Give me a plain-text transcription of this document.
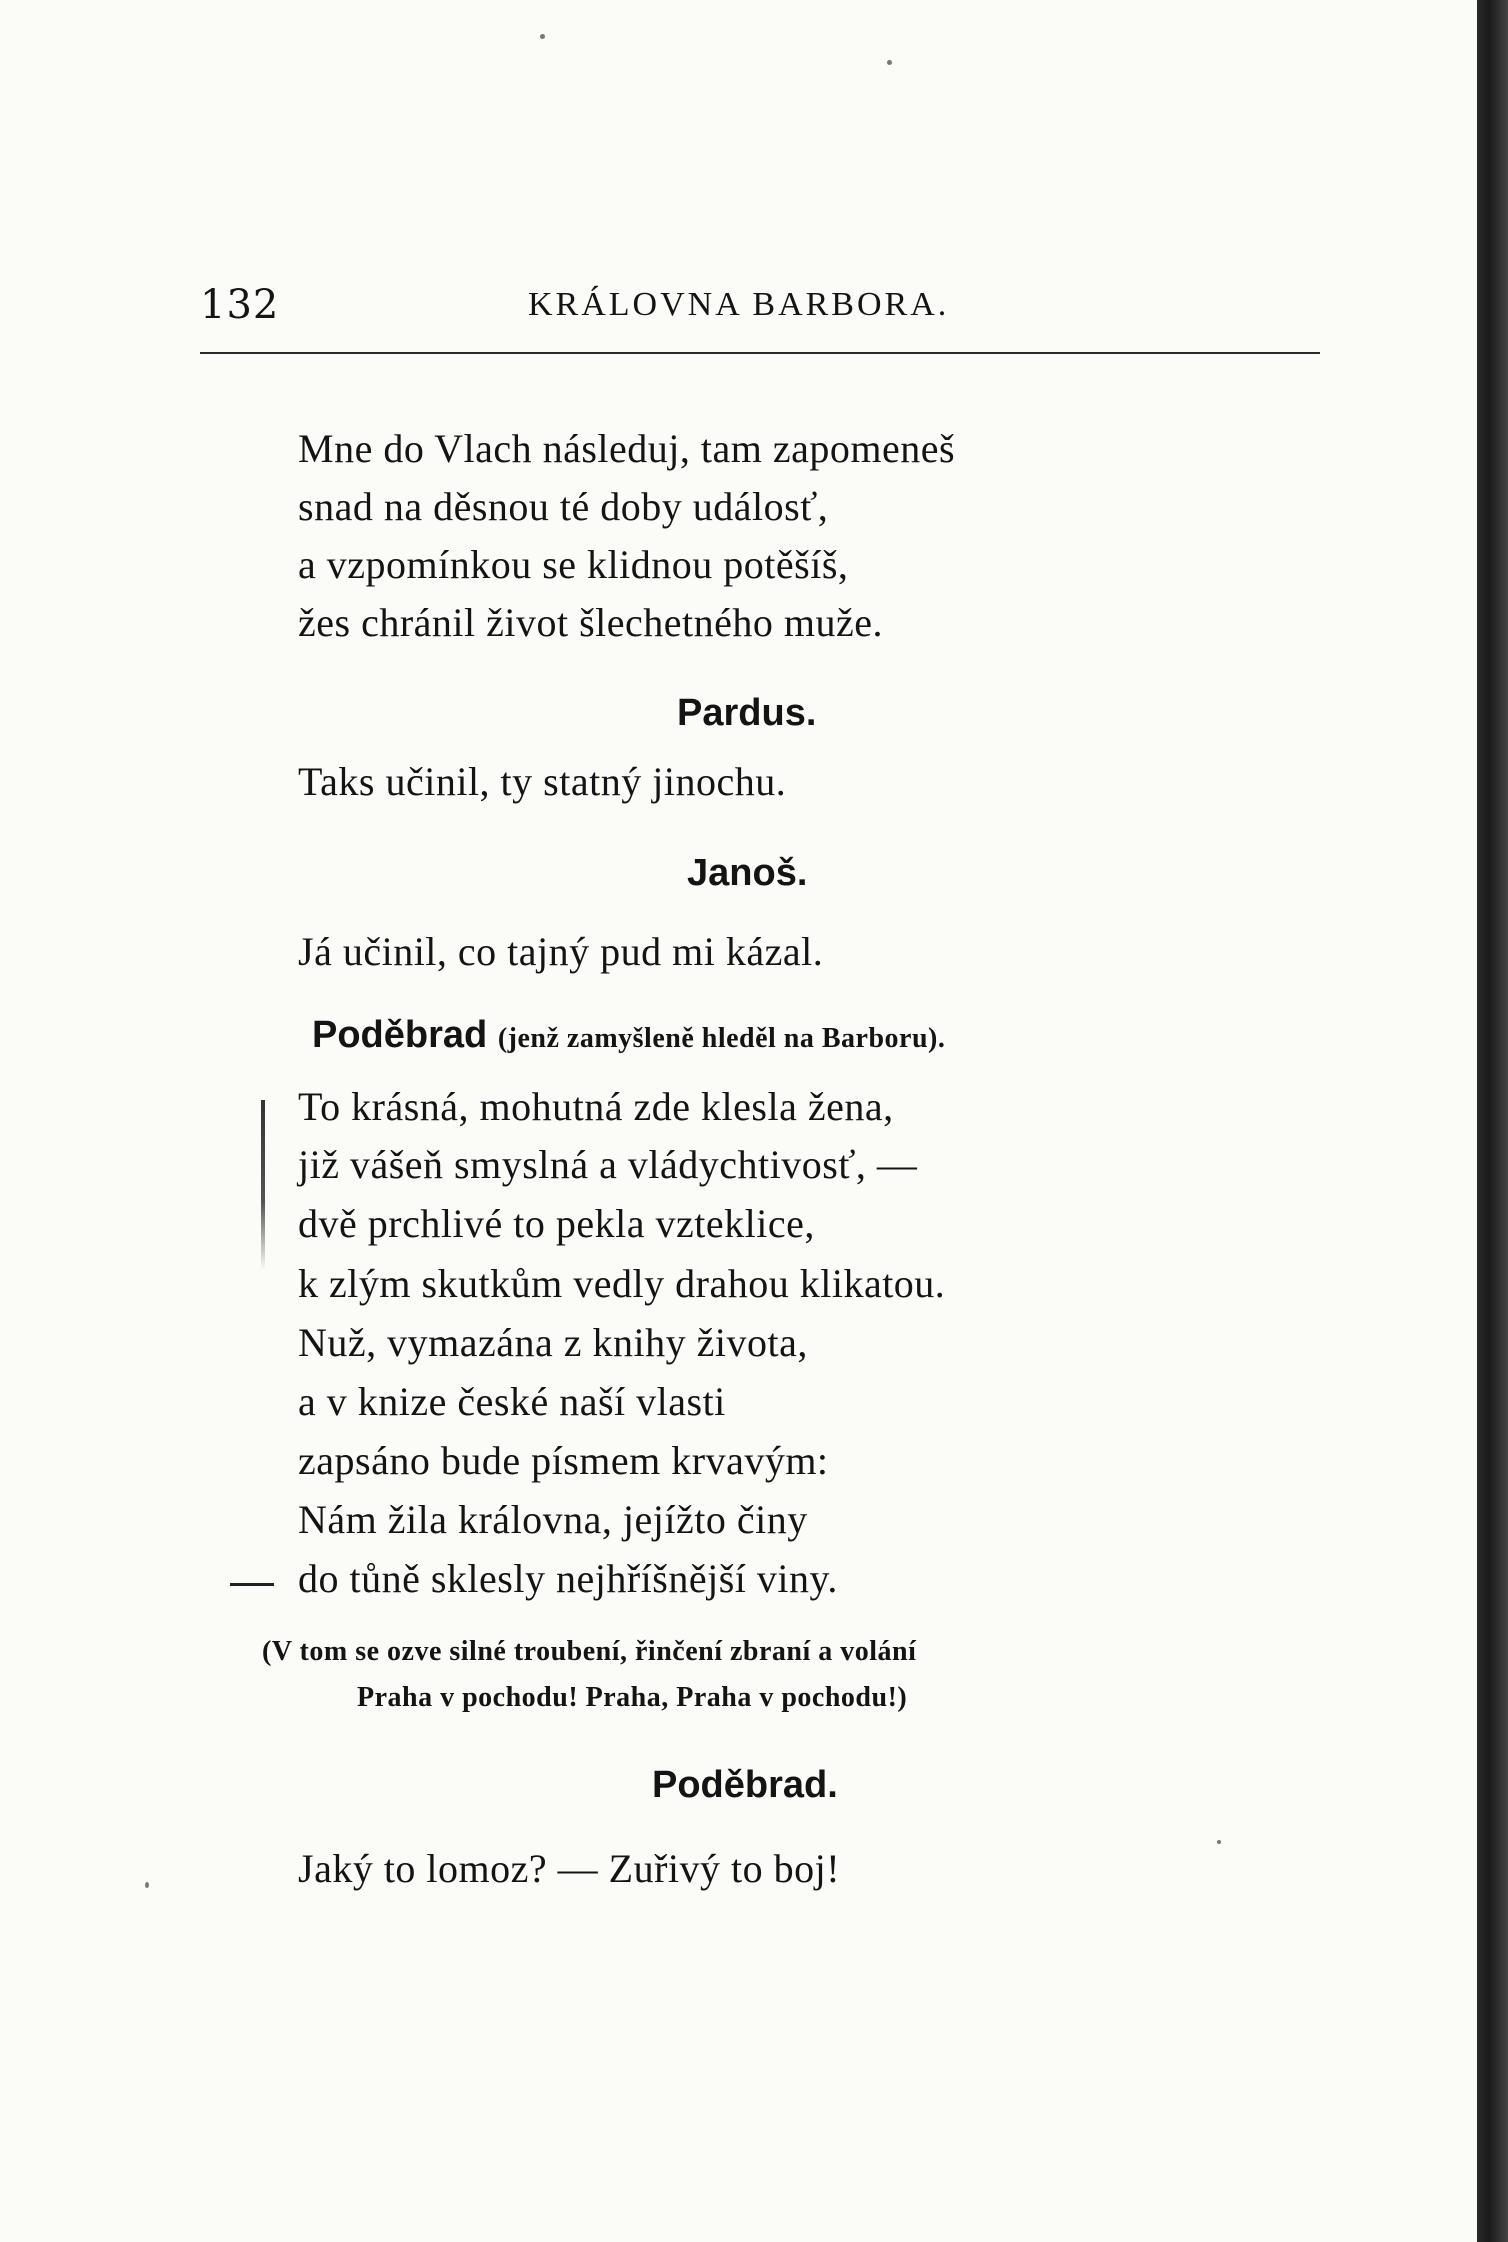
132	KRÁLOVNA BARBORA.
Mne do Vlach následuj, tam zapomeneš
snad na děsnou té doby událosť,
a vzpomínkou se klidnou potěšíš,
žes chránil život šlechetného muže.
Pardus.
Taks učinil, ty statný jinochu.
Janoš.
Já učinil, co tajný pud mi kázal.
Poděbrad (jenž zamyšleně hleděl na Barboru).
To krásná, mohutná zde klesla žena,
již vášeň smyslná a vládychtivosť, —
dvě prchlivé to pekla vzteklice,
k zlým skutkům vedly drahou klikatou.
Nuž, vymazána z knihy života,
a v knize české naší vlasti
zapsáno bude písmem krvavým:
Nám žila královna, jejížto činy
do tůně sklesly nejhříšnější viny.
(V tom se ozve silné troubení, řinčení zbraní a volání
Praha v pochodu! Praha, Praha v pochodu!)
Poděbrad.
Jaký to lomoz? — Zuřivý to boj!
